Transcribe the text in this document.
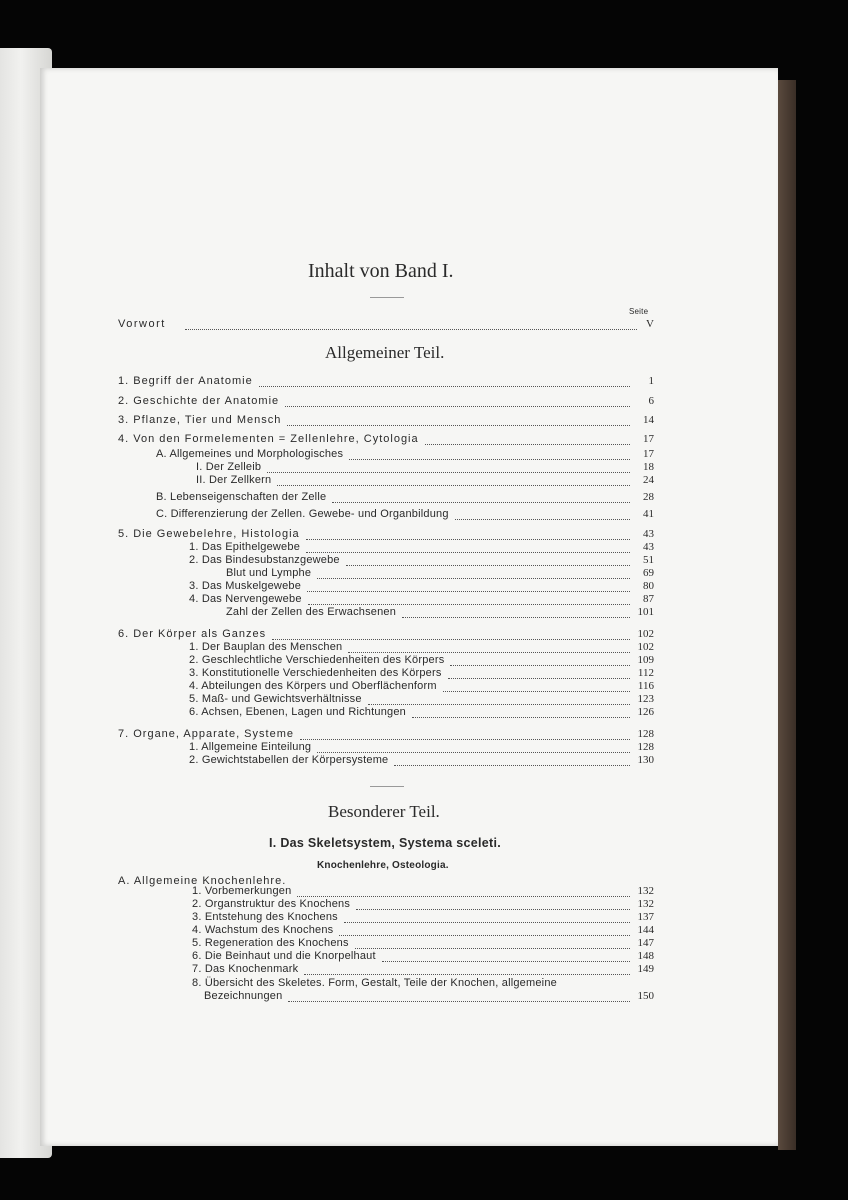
Inhalt von Band I.
Seite
Vorwort	V
Allgemeiner Teil.
1. Begriff der Anatomie	1
2. Geschichte der Anatomie	6
3. Pflanze, Tier und Mensch	14
4. Von den Formelementen = Zellenlehre, Cytologia	17
A. Allgemeines und Morphologisches	17
I. Der Zelleib	18
II. Der Zellkern	24
B. Lebenseigenschaften der Zelle	28
C. Differenzierung der Zellen. Gewebe- und Organbildung	41
5. Die Gewebelehre, Histologia	43
1. Das Epithelgewebe	43
2. Das Bindesubstanzgewebe	51
Blut und Lymphe	69
3. Das Muskelgewebe	80
4. Das Nervengewebe	87
Zahl der Zellen des Erwachsenen	101
6. Der Körper als Ganzes	102
1. Der Bauplan des Menschen	102
2. Geschlechtliche Verschiedenheiten des Körpers	109
3. Konstitutionelle Verschiedenheiten des Körpers	112
4. Abteilungen des Körpers und Oberflächenform	116
5. Maß- und Gewichtsverhältnisse	123
6. Achsen, Ebenen, Lagen und Richtungen	126
7. Organe, Apparate, Systeme	128
1. Allgemeine Einteilung	128
2. Gewichtstabellen der Körpersysteme	130
Besonderer Teil.
I. Das Skeletsystem, Systema sceleti.
Knochenlehre, Osteologia.
A. Allgemeine Knochenlehre.
1. Vorbemerkungen	132
2. Organstruktur des Knochens	132
3. Entstehung des Knochens	137
4. Wachstum des Knochens	144
5. Regeneration des Knochens	147
6. Die Beinhaut und die Knorpelhaut	148
7. Das Knochenmark	149
8. Übersicht des Skeletes. Form, Gestalt, Teile der Knochen, allgemeine
Bezeichnungen	150
